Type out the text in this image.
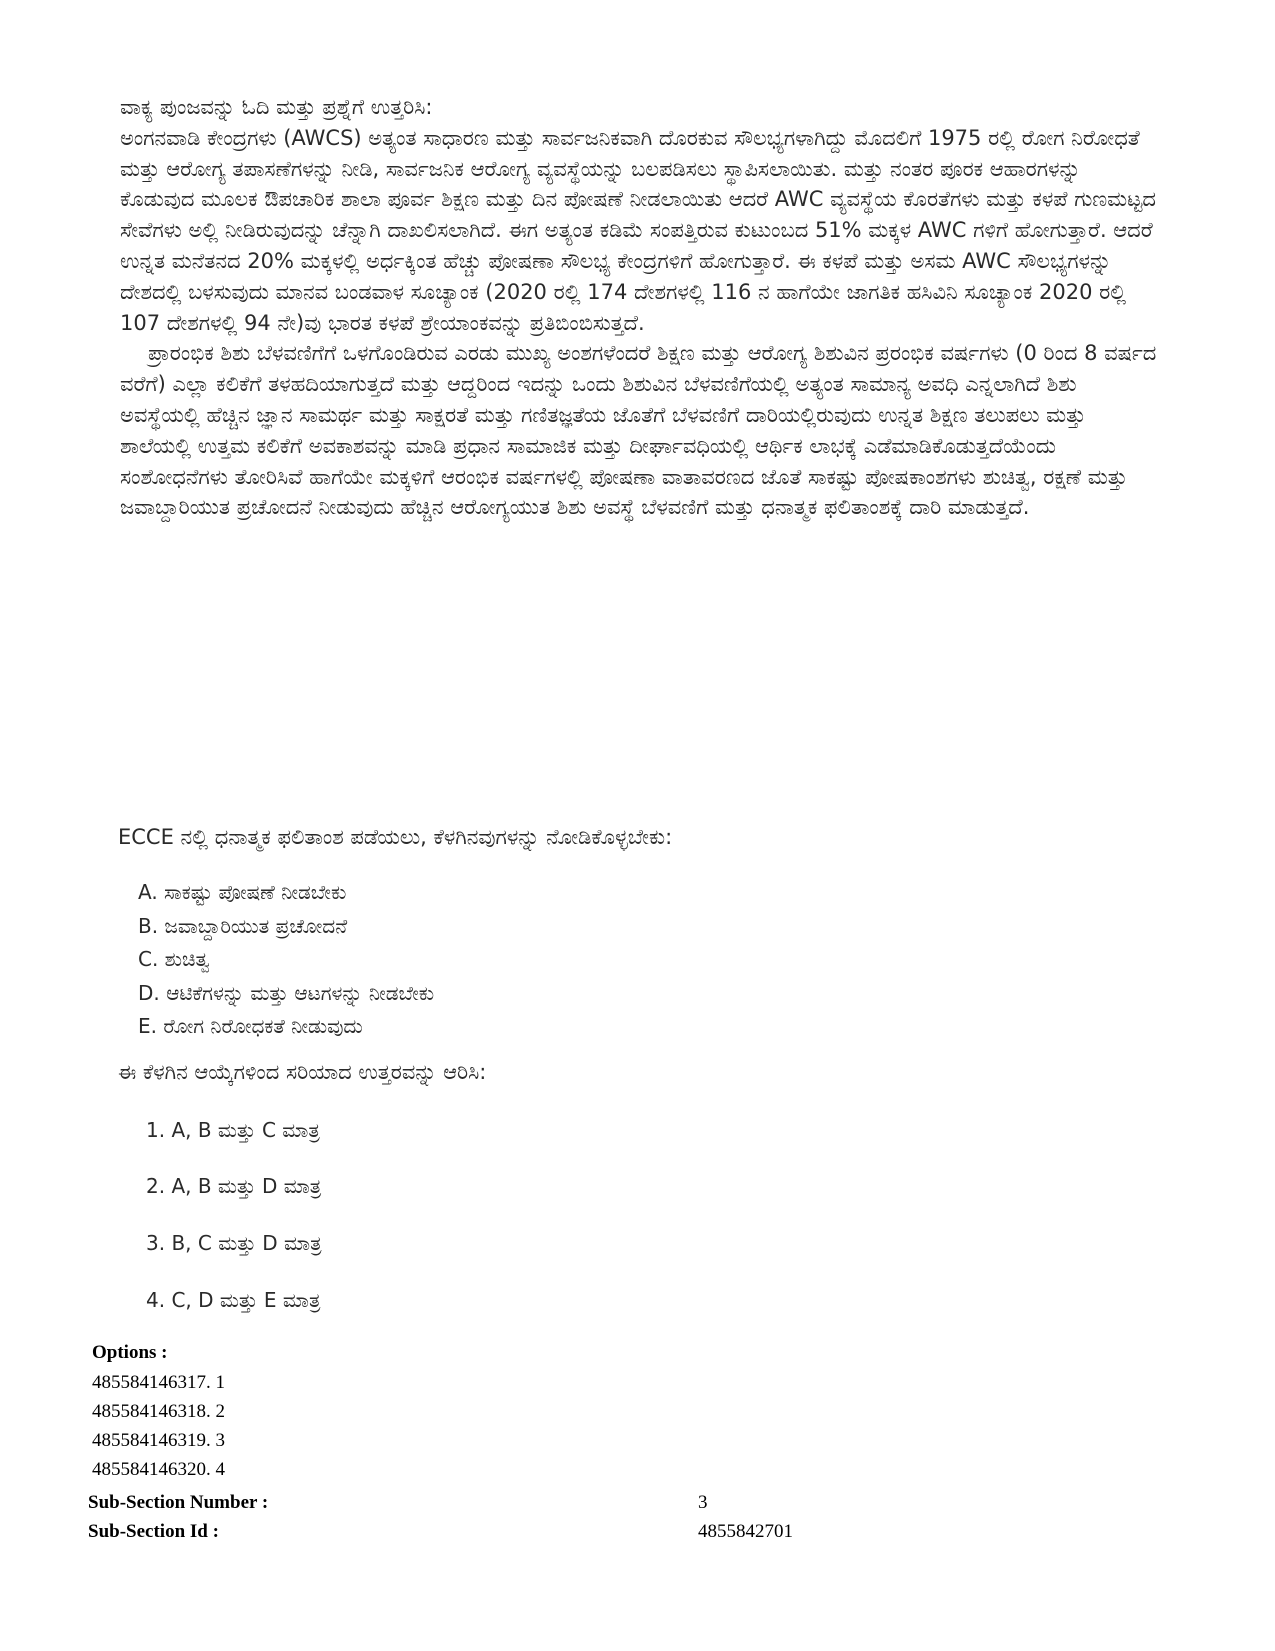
ವಾಕ್ಯ ಪುಂಜವನ್ನು ಓದಿ ಮತ್ತು ಪ್ರಶ್ನೆಗೆ ಉತ್ತರಿಸಿ:

ಅಂಗನವಾಡಿ ಕೇಂದ್ರಗಳು (AWCS) ಅತ್ಯಂತ ಸಾಧಾರಣ ಮತ್ತು ಸಾರ್ವಜನಿಕವಾಗಿ ದೊರಕುವ ಸೌಲಭ್ಯಗಳಾಗಿದ್ದು ಮೊದಲಿಗೆ 1975 ರಲ್ಲಿ ರೋಗ ನಿರೋಧತೆ ಮತ್ತು ಆರೋಗ್ಯ ತಪಾಸಣೆಗಳನ್ನು ನೀಡಿ, ಸಾರ್ವಜನಿಕ ಆರೋಗ್ಯ ವ್ಯವಸ್ಥೆಯನ್ನು ಬಲಪಡಿಸಲು ಸ್ಥಾಪಿಸಲಾಯಿತು. ಮತ್ತು ನಂತರ ಪೂರಕ ಆಹಾರಗಳನ್ನು ಕೊಡುವುದ ಮೂಲಕ ಔಪಚಾರಿಕ ಶಾಲಾ ಪೂರ್ವ ಶಿಕ್ಷಣ ಮತ್ತು ದಿನ ಪೋಷಣೆ ನೀಡಲಾಯಿತು ಆದರೆ AWC ವ್ಯವಸ್ಥೆಯ ಕೊರತೆಗಳು ಮತ್ತು ಕಳಪೆ ಗುಣಮಟ್ಟದ ಸೇವೆಗಳು ಅಲ್ಲಿ ನೀಡಿರುವುದನ್ನು ಚೆನ್ನಾಗಿ ದಾಖಲಿಸಲಾಗಿದೆ. ಈಗ ಅತ್ಯಂತ ಕಡಿಮೆ ಸಂಪತ್ತಿರುವ ಕುಟುಂಬದ 51% ಮಕ್ಕಳ AWC ಗಳಿಗೆ ಹೋಗುತ್ತಾರೆ. ಆದರೆ ಉನ್ನತ ಮನೆತನದ 20% ಮಕ್ಕಳಲ್ಲಿ ಅರ್ಧಕ್ಕಿಂತ ಹೆಚ್ಚು ಪೋಷಣಾ ಸೌಲಭ್ಯ ಕೇಂದ್ರಗಳಿಗೆ ಹೋಗುತ್ತಾರೆ. ಈ ಕಳಪೆ ಮತ್ತು ಅಸಮ AWC ಸೌಲಭ್ಯಗಳನ್ನು ದೇಶದಲ್ಲಿ ಬಳಸುವುದು ಮಾನವ ಬಂಡವಾಳ ಸೂಚ್ಯಾಂಕ (2020 ರಲ್ಲಿ 174 ದೇಶಗಳಲ್ಲಿ 116 ನ ಹಾಗೆಯೇ ಜಾಗತಿಕ ಹಸಿವಿನಿ ಸೂಚ್ಯಾಂಕ 2020 ರಲ್ಲಿ 107 ದೇಶಗಳಲ್ಲಿ 94 ನೇ)ವು ಭಾರತ ಕಳಪೆ ಶ್ರೇಯಾಂಕವನ್ನು ಪ್ರತಿಬಿಂಬಿಸುತ್ತದೆ.

ಪ್ರಾರಂಭಿಕ ಶಿಶು ಬೆಳವಣಿಗೆಗೆ ಒಳಗೊಂಡಿರುವ ಎರಡು ಮುಖ್ಯ ಅಂಶಗಳೆಂದರೆ ಶಿಕ್ಷಣ ಮತ್ತು ಆರೋಗ್ಯ ಶಿಶುವಿನ ಪ್ರರಂಭಿಕ ವರ್ಷಗಳು (0 ರಿಂದ 8 ವರ್ಷದ ವರೆಗೆ) ಎಲ್ಲಾ ಕಲಿಕೆಗೆ ತಳಹದಿಯಾಗುತ್ತದೆ ಮತ್ತು ಆದ್ದರಿಂದ ಇದನ್ನು ಒಂದು ಶಿಶುವಿನ ಬೆಳವಣಿಗೆಯಲ್ಲಿ ಅತ್ಯಂತ ಸಾಮಾನ್ಯ ಅವಧಿ ಎನ್ನಲಾಗಿದೆ ಶಿಶು ಅವಸ್ಥೆಯಲ್ಲಿ ಹೆಚ್ಚಿನ ಜ್ಞಾನ ಸಾಮರ್ಥ ಮತ್ತು ಸಾಕ್ಷರತೆ ಮತ್ತು ಗಣಿತಜ್ಞತೆಯ ಜೊತೆಗೆ ಬೆಳವಣಿಗೆ ದಾರಿಯಲ್ಲಿರುವುದು ಉನ್ನತ ಶಿಕ್ಷಣ ತಲುಪಲು ಮತ್ತು ಶಾಲೆಯಲ್ಲಿ ಉತ್ತಮ ಕಲಿಕೆಗೆ ಅವಕಾಶವನ್ನು ಮಾಡಿ ಪ್ರಧಾನ ಸಾಮಾಜಿಕ ಮತ್ತು ದೀರ್ಘಾವಧಿಯಲ್ಲಿ ಆರ್ಥಿಕ ಲಾಭಕ್ಕೆ ಎಡೆಮಾಡಿಕೊಡುತ್ತದೆಯೆಂದು ಸಂಶೋಧನೆಗಳು ತೋರಿಸಿವೆ ಹಾಗೆಯೇ ಮಕ್ಕಳಿಗೆ ಆರಂಭಿಕ ವರ್ಷಗಳಲ್ಲಿ ಪೋಷಣಾ ವಾತಾವರಣದ ಜೊತೆ ಸಾಕಷ್ಟು ಪೋಷಕಾಂಶಗಳು ಶುಚಿತ್ವ, ರಕ್ಷಣೆ ಮತ್ತು ಜವಾಬ್ದಾರಿಯುತ ಪ್ರಚೋದನೆ ನೀಡುವುದು ಹೆಚ್ಚಿನ ಆರೋಗ್ಯಯುತ ಶಿಶು ಅವಸ್ಥೆ ಬೆಳವಣಿಗೆ ಮತ್ತು ಧನಾತ್ಮಕ ಫಲಿತಾಂಶಕ್ಕೆ ದಾರಿ ಮಾಡುತ್ತದೆ.

ECCE ನಲ್ಲಿ ಧನಾತ್ಮಕ ಫಲಿತಾಂಶ ಪಡೆಯಲು, ಕೆಳಗಿನವುಗಳನ್ನು ನೋಡಿಕೊಳ್ಳಬೇಕು:
A. ಸಾಕಷ್ಟು ಪೋಷಣೆ ನೀಡಬೇಕು
B. ಜವಾಬ್ದಾರಿಯುತ ಪ್ರಚೋದನೆ
C. ಶುಚಿತ್ವ
D. ಆಟಿಕೆಗಳನ್ನು ಮತ್ತು ಆಟಗಳನ್ನು ನೀಡಬೇಕು
E. ರೋಗ ನಿರೋಧಕತೆ ನೀಡುವುದು
ಈ ಕೆಳಗಿನ ಆಯ್ಕೆಗಳಿಂದ ಸರಿಯಾದ ಉತ್ತರವನ್ನು ಆರಿಸಿ:
1. A, B ಮತ್ತು C ಮಾತ್ರ
2. A, B ಮತ್ತು D ಮಾತ್ರ
3. B, C ಮತ್ತು D ಮಾತ್ರ
4. C, D ಮತ್ತು E ಮಾತ್ರ
Options :
485584146317. 1
485584146318. 2
485584146319. 3
485584146320. 4
Sub-Section Number :	3
Sub-Section Id :	4855842701
